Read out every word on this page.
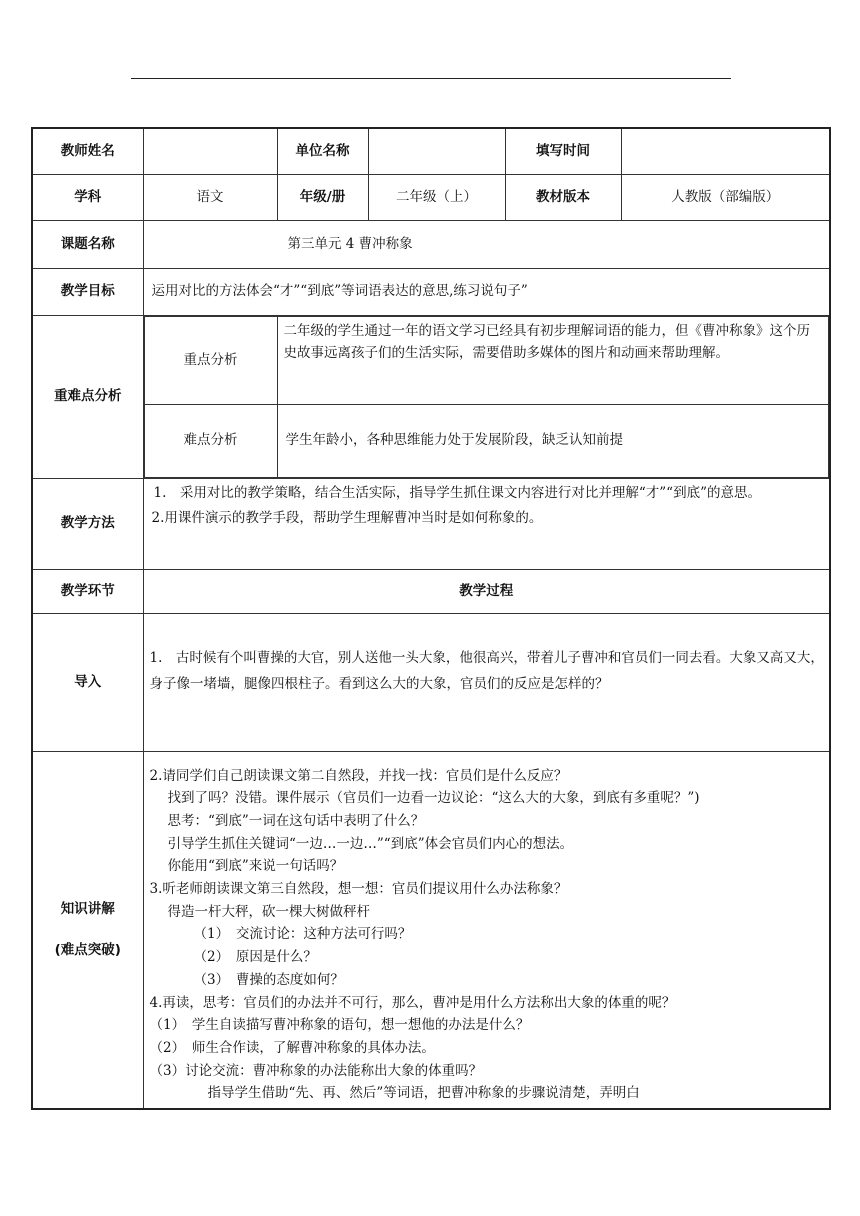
教师姓名		单位名称		填写时间	
学科	语文	年级/册	二年级（上）	教材版本	人教版（部编版）
课题名称	第三单元 4 曹冲称象
教学目标	运用对比的方法体会“才”“到底”等词语表达的意思,练习说句子”
重难点分析	
重点分析	二年级的学生通过一年的语文学习已经具有初步理解词语的能力，但《曹冲称象》这个历史故事远离孩子们的生活实际，需要借助多媒体的图片和动画来帮助理解。
难点分析	学生年龄小，各种思维能力处于发展阶段，缺乏认知前提

教学方法	

1.　采用对比的教学策略，结合生活实际，指导学生抓住课文内容进行对比并理解“才”“到底”的意思。

2.用课件演示的教学手段，帮助学生理解曹冲当时是如何称象的。

教学环节	教学过程
导入	1.　古时候有个叫曹操的大官，别人送他一头大象，他很高兴，带着儿子曹冲和官员们一同去看。大象又高又大，身子像一堵墙，腿像四根柱子。看到这么大的大象，官员们的反应是怎样的？

知识讲解
(难点突破)

2.请同学们自己朗读课文第二自然段，并找一找：官员们是什么反应？

找到了吗？没错。课件展示（官员们一边看一边议论：“这么大的大象，到底有多重呢？”)

思考：“到底”一词在这句话中表明了什么？

引导学生抓住关键词“一边…一边…”“到底”体会官员们内心的想法。

你能用“到底”来说一句话吗？

3.听老师朗读课文第三自然段，想一想：官员们提议用什么办法称象？

得造一杆大秤，砍一棵大树做秤杆

（1）　交流讨论：这种方法可行吗？

（2）　原因是什么？

（3）　曹操的态度如何？

4.再读，思考：官员们的办法并不可行，那么，曹冲是用什么方法称出大象的体重的呢？

（1）　学生自读描写曹冲称象的语句，想一想他的办法是什么？

（2）　师生合作读，了解曹冲称象的具体办法。

（3）讨论交流：曹冲称象的办法能称出大象的体重吗？

指导学生借助“先、再、然后”等词语，把曹冲称象的步骤说清楚，弄明白
